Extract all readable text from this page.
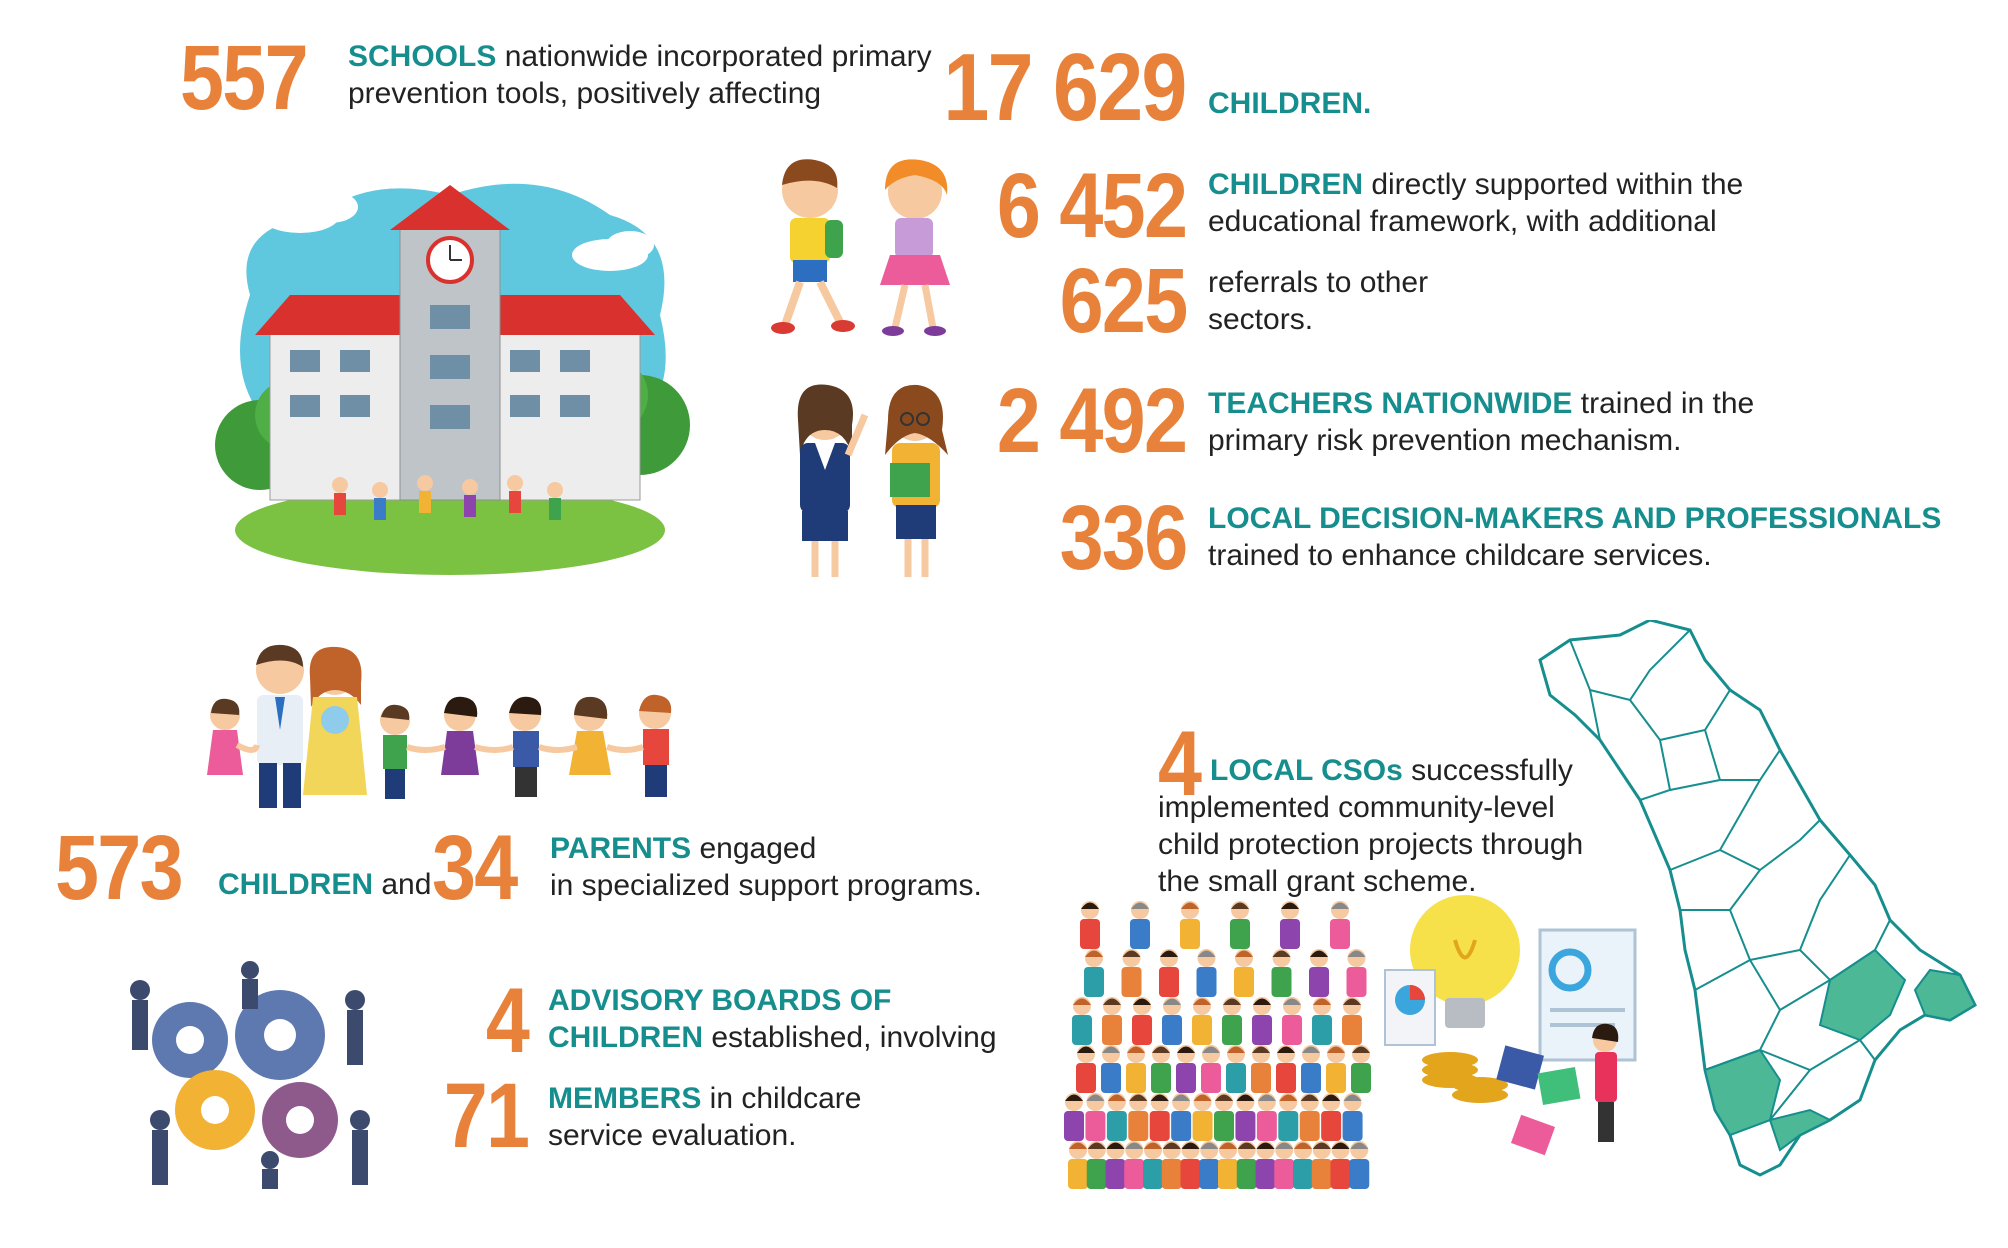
557 SCHOOLS nationwide incorporated primary
prevention tools, positively affecting	17 629 CHILDREN.
6 452 CHILDREN directly supported within the
educational framework, with additional
625 referrals to other
sectors.
2 492 TEACHERS NATIONWIDE trained in the
primary risk prevention mechanism.
336 LOCAL DECISION-MAKERS AND PROFESSIONALS
trained to enhance childcare services.
573 CHILDREN and 34 PARENTS engaged
in specialized support programs.
4 ADVISORY BOARDS OF
CHILDREN established, involving
71 MEMBERS in childcare
service evaluation.
4 LOCAL CSOs successfully
implemented community-level
child protection projects through
the small grant scheme.
